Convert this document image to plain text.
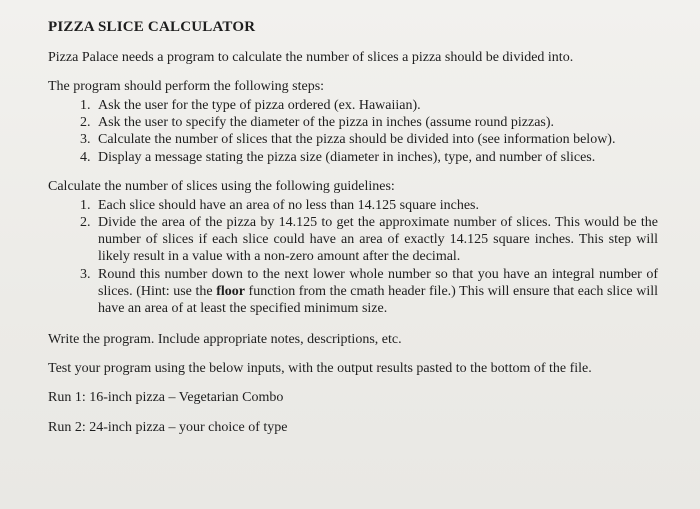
PIZZA SLICE CALCULATOR

Pizza Palace needs a program to calculate the number of slices a pizza should be divided into.

The program should perform the following steps:

1. Ask the user for the type of pizza ordered (ex. Hawaiian).
2. Ask the user to specify the diameter of the pizza in inches (assume round pizzas).
3. Calculate the number of slices that the pizza should be divided into (see information below).
4. Display a message stating the pizza size (diameter in inches), type, and number of slices.

Calculate the number of slices using the following guidelines:

1. Each slice should have an area of no less than 14.125 square inches.
2. Divide the area of the pizza by 14.125 to get the approximate number of slices. This would be the number of slices if each slice could have an area of exactly 14.125 square inches. This step will likely result in a value with a non-zero amount after the decimal.
3. Round this number down to the next lower whole number so that you have an integral number of slices. (Hint: use the floor function from the cmath header file.) This will ensure that each slice will have an area of at least the specified minimum size.

Write the program. Include appropriate notes, descriptions, etc.

Test your program using the below inputs, with the output results pasted to the bottom of the file.

Run 1: 16-inch pizza – Vegetarian Combo

Run 2: 24-inch pizza – your choice of type
